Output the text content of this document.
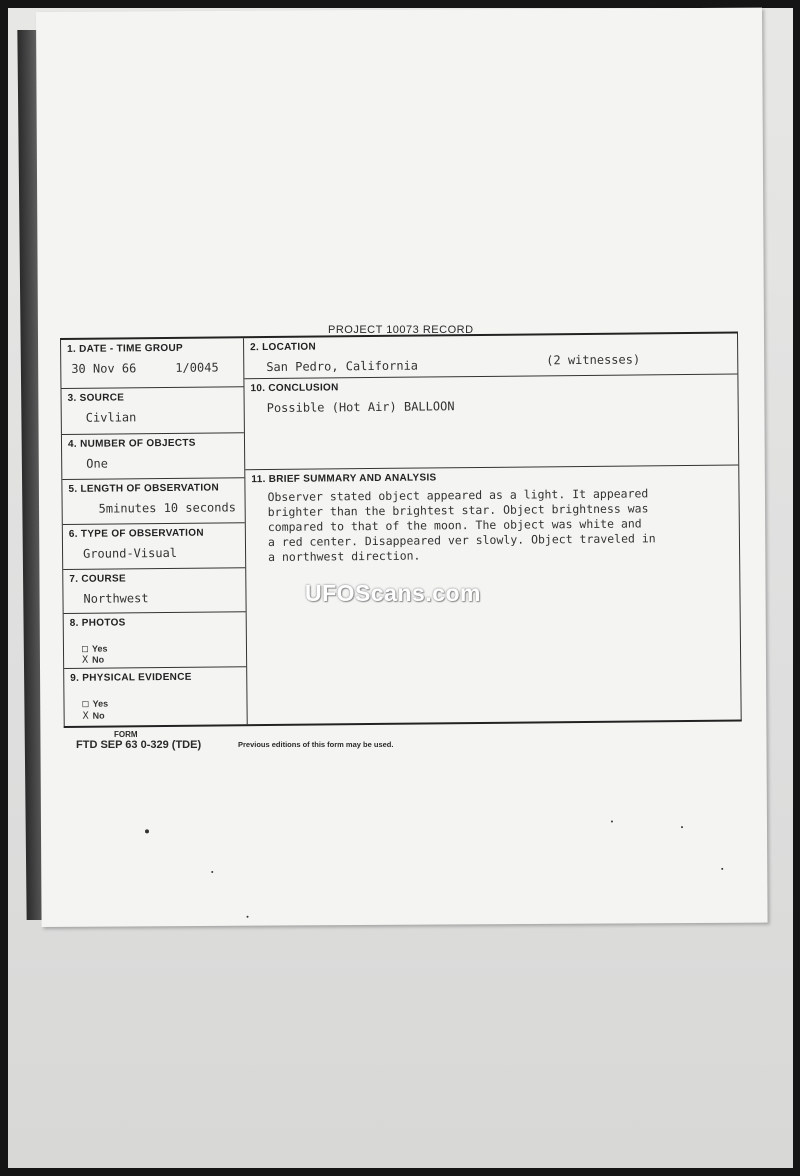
PROJECT 10073 RECORD
1. DATE - TIME GROUP
30 Nov 66	1/0045
3. SOURCE
Civlian
4. NUMBER OF OBJECTS
One
5. LENGTH OF OBSERVATION
5minutes 10 seconds
6. TYPE OF OBSERVATION
Ground-Visual
7. COURSE
Northwest
8. PHOTOS
□ Yes
X No
9. PHYSICAL EVIDENCE
□ Yes
X No
2. LOCATION
San Pedro, California	(2 witnesses)
10. CONCLUSION
Possible (Hot Air) BALLOON
11. BRIEF SUMMARY AND ANALYSIS
Observer stated object appeared as a light. It appeared
brighter than the brightest star. Object brightness was
compared to that of the moon. The object was white and
a red center. Disappeared ver slowly. Object traveled in
a northwest direction.
FORM
FTD SEP 63 0-329 (TDE)	Previous editions of this form may be used.
UFOScans.com
